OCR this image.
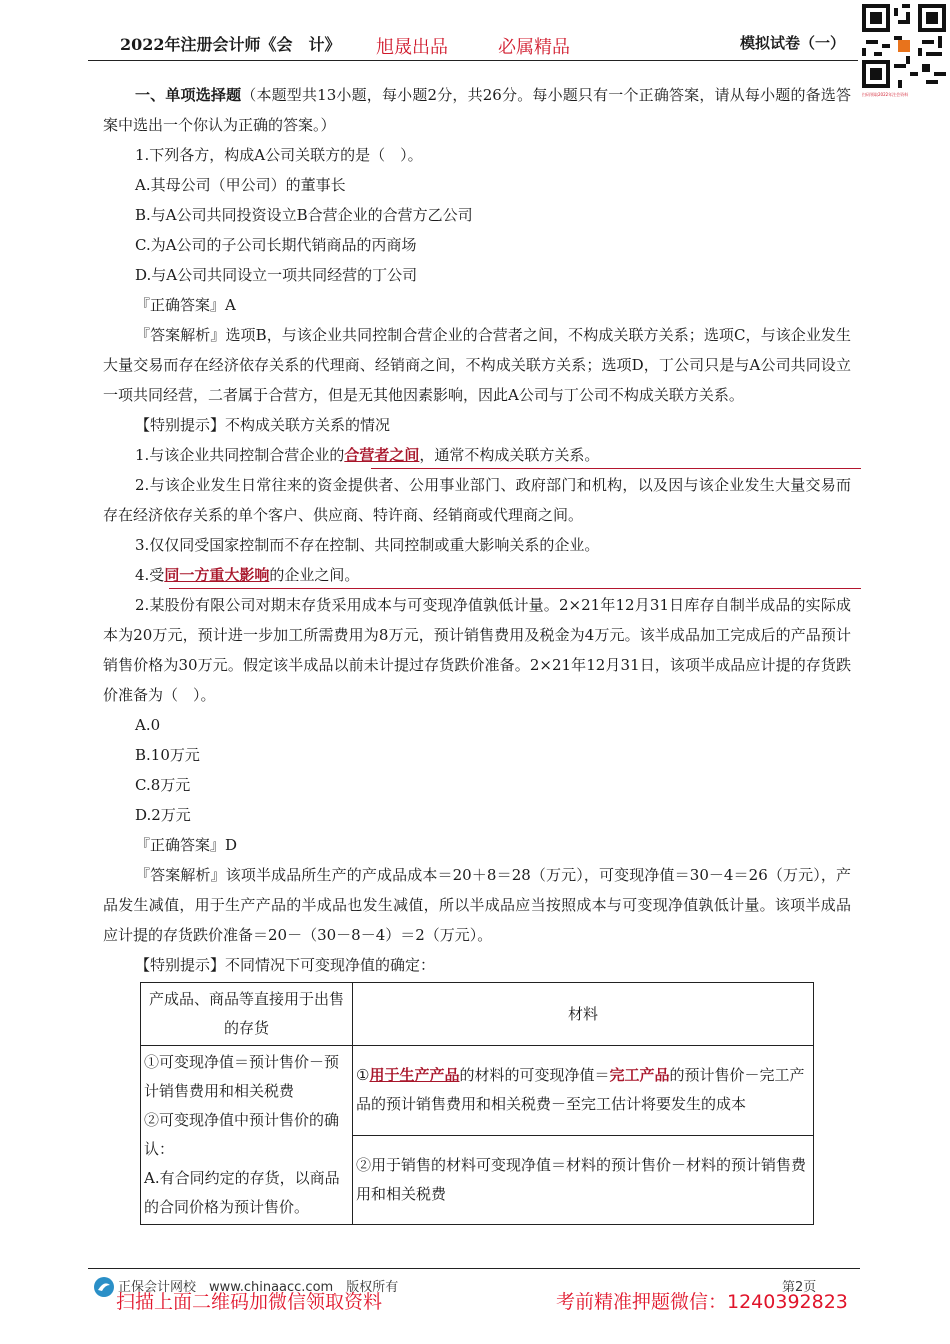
2022年注册会计师《会　计》 旭晟出品	必属精品	模拟试卷（一）
扫码领取2022年注会资料

一、单项选择题（本题型共13小题，每小题2分，共26分。每小题只有一个正确答案，请从每小题的备选答案中选出一个你认为正确的答案。）

1.下列各方，构成A公司关联方的是（　）。

A.其母公司（甲公司）的董事长

B.与A公司共同投资设立B合营企业的合营方乙公司

C.为A公司的子公司长期代销商品的丙商场

D.与A公司共同设立一项共同经营的丁公司

『正确答案』A

『答案解析』选项B，与该企业共同控制合营企业的合营者之间，不构成关联方关系；选项C，与该企业发生大量交易而存在经济依存关系的代理商、经销商之间，不构成关联方关系；选项D，丁公司只是与A公司共同设立一项共同经营，二者属于合营方，但是无其他因素影响，因此A公司与丁公司不构成关联方关系。

【特别提示】不构成关联方关系的情况

1.与该企业共同控制合营企业的合营者之间，通常不构成关联方关系。

2.与该企业发生日常往来的资金提供者、公用事业部门、政府部门和机构，以及因与该企业发生大量交易而存在经济依存关系的单个客户、供应商、特许商、经销商或代理商之间。

3.仅仅同受国家控制而不存在控制、共同控制或重大影响关系的企业。

4.受同一方重大影响的企业之间。

2.某股份有限公司对期末存货采用成本与可变现净值孰低计量。2×21年12月31日库存自制半成品的实际成本为20万元，预计进一步加工所需费用为8万元，预计销售费用及税金为4万元。该半成品加工完成后的产品预计销售价格为30万元。假定该半成品以前未计提过存货跌价准备。2×21年12月31日，该项半成品应计提的存货跌价准备为（　）。

A.0

B.10万元

C.8万元

D.2万元

『正确答案』D

『答案解析』该项半成品所生产的产成品成本＝20＋8＝28（万元），可变现净值＝30－4＝26（万元），产品发生减值，用于生产产品的半成品也发生减值，所以半成品应当按照成本与可变现净值孰低计量。该项半成品应计提的存货跌价准备＝20－（30－8－4）＝2（万元）。

【特别提示】不同情况下可变现净值的确定：

产成品、商品等直接用于出售的存货	材料

①可变现净值＝预计售价－预计销售费用和相关税费
②可变现净值中预计售价的确认：
A.有合同约定的存货，以商品的合同价格为预计售价。	①用于生产产品的材料的可变现净值＝完工产品的预计售价－完工产品的预计销售费用和相关税费－至完工估计将要发生的成本
	②用于销售的材料可变现净值＝材料的预计售价－材料的预计销售费用和相关税费
正保会计网校　www.chinaacc.com　版权所有	第2页
扫描上面二维码加微信领取资料	考前精准押题微信：1240392823
